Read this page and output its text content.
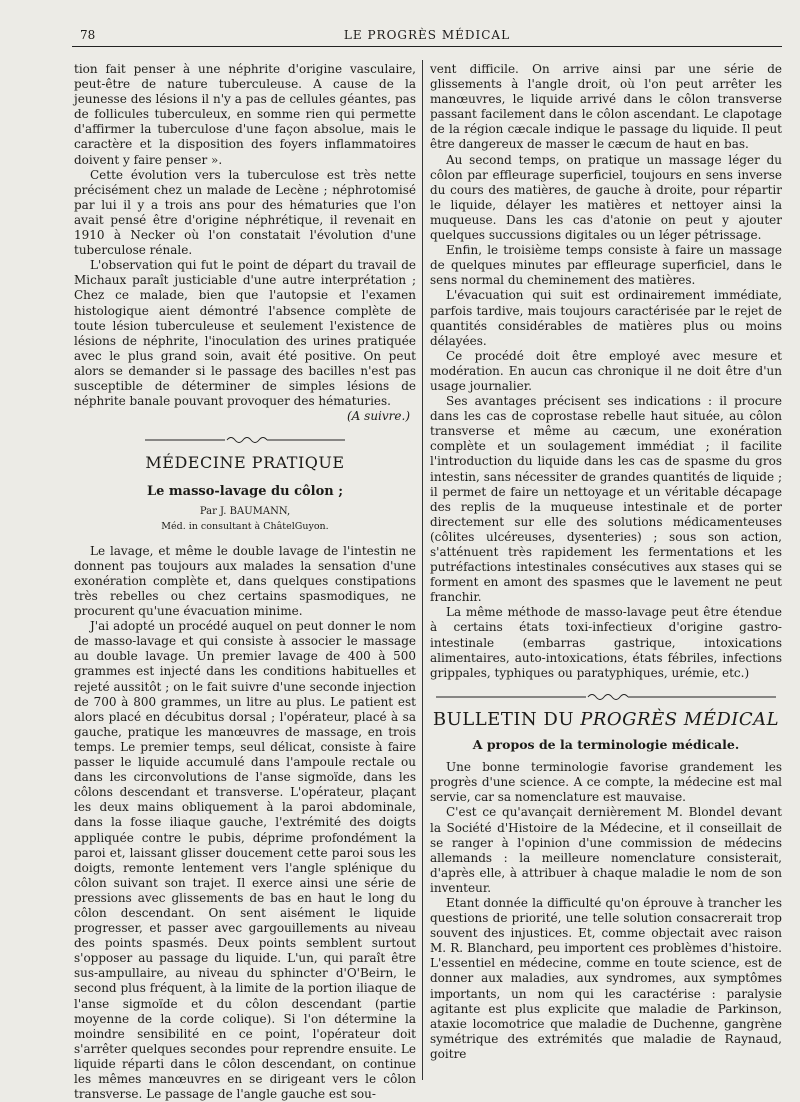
78	LE PROGRÈS MÉDICAL

tion fait penser à une néphrite d'origine vasculaire, peut-être de nature tuberculeuse. A cause de la jeunesse des lésions il n'y a pas de cellules géantes, pas de follicules tuberculeux, en somme rien qui permette d'affirmer la tuberculose d'une façon absolue, mais le caractère et la disposition des foyers inflammatoires doivent y faire penser ».

Cette évolution vers la tuberculose est très nette précisément chez un malade de Lecène ; néphrotomisé par lui il y a trois ans pour des hématuries que l'on avait pensé être d'origine néphrétique, il revenait en 1910 à Necker où l'on constatait l'évolution d'une tuberculose rénale.

L'observation qui fut le point de départ du travail de Michaux paraît justiciable d'une autre interprétation ; Chez ce malade, bien que l'autopsie et l'examen histologique aient démontré l'absence complète de toute lésion tuberculeuse et seulement l'existence de lésions de néphrite, l'inoculation des urines pratiquée avec le plus grand soin, avait été positive. On peut alors se demander si le passage des bacilles n'est pas susceptible de déterminer de simples lésions de néphrite banale pouvant provoquer des hématuries.

(A suivre.)

MÉDECINE PRATIQUE
Le masso-lavage du côlon ;

Par J. BAUMANN,

Méd. in consultant à ChâtelGuyon.

Le lavage, et même le double lavage de l'intestin ne donnent pas toujours aux malades la sensation d'une exonération complète et, dans quelques constipations très rebelles ou chez certains spasmodiques, ne procurent qu'une évacuation minime.

J'ai adopté un procédé auquel on peut donner le nom de masso-lavage et qui consiste à associer le massage au double lavage. Un premier lavage de 400 à 500 grammes est injecté dans les conditions habituelles et rejeté aussitôt ; on le fait suivre d'une seconde injection de 700 à 800 grammes, un litre au plus. Le patient est alors placé en décubitus dorsal ; l'opérateur, placé à sa gauche, pratique les manœuvres de massage, en trois temps. Le premier temps, seul délicat, consiste à faire passer le liquide accumulé dans l'ampoule rectale ou dans les circonvolutions de l'anse sigmoïde, dans les côlons descendant et transverse. L'opérateur, plaçant les deux mains obliquement à la paroi abdominale, dans la fosse iliaque gauche, l'extrémité des doigts appliquée contre le pubis, déprime profondément la paroi et, laissant glisser doucement cette paroi sous les doigts, remonte lentement vers l'angle splénique du côlon suivant son trajet. Il exerce ainsi une série de pressions avec glissements de bas en haut le long du côlon descendant. On sent aisément le liquide progresser, et passer avec gargouillements au niveau des points spasmés. Deux points semblent surtout s'opposer au passage du liquide. L'un, qui paraît être sus-ampullaire, au niveau du sphincter d'O'Beirn, le second plus fréquent, à la limite de la portion iliaque de l'anse sigmoïde et du côlon descendant (partie moyenne de la corde colique). Si l'on détermine la moindre sensibilité en ce point, l'opérateur doit s'arrêter quelques secondes pour reprendre ensuite. Le liquide réparti dans le côlon descendant, on continue les mêmes manœuvres en se dirigeant vers le côlon transverse. Le passage de l'angle gauche est sou-

vent difficile. On arrive ainsi par une série de glissements à l'angle droit, où l'on peut arrêter les manœuvres, le liquide arrivé dans le côlon transverse passant facilement dans le côlon ascendant. Le clapotage de la région cæcale indique le passage du liquide. Il peut être dangereux de masser le cæcum de haut en bas.

Au second temps, on pratique un massage léger du côlon par effleurage superficiel, toujours en sens inverse du cours des matières, de gauche à droite, pour répartir le liquide, délayer les matières et nettoyer ainsi la muqueuse. Dans les cas d'atonie on peut y ajouter quelques succussions digitales ou un léger pétrissage.

Enfin, le troisième temps consiste à faire un massage de quelques minutes par effleurage superficiel, dans le sens normal du cheminement des matières.

L'évacuation qui suit est ordinairement immédiate, parfois tardive, mais toujours caractérisée par le rejet de quantités considérables de matières plus ou moins délayées.

Ce procédé doit être employé avec mesure et modération. En aucun cas chronique il ne doit être d'un usage journalier.

Ses avantages précisent ses indications : il procure dans les cas de coprostase rebelle haut située, au côlon transverse et même au cæcum, une exonération complète et un soulagement immédiat ; il facilite l'introduction du liquide dans les cas de spasme du gros intestin, sans nécessiter de grandes quantités de liquide ; il permet de faire un nettoyage et un véritable décapage des replis de la muqueuse intestinale et de porter directement sur elle des solutions médicamenteuses (côlites ulcéreuses, dysenteries) ; sous son action, s'atténuent très rapidement les fermentations et les putréfactions intestinales consécutives aux stases qui se forment en amont des spasmes que le lavement ne peut franchir.

La même méthode de masso-lavage peut être étendue à certains états toxi-infectieux d'origine gastro-intestinale (embarras gastrique, intoxications alimentaires, auto-intoxications, états fébriles, infections grippales, typhiques ou paratyphiques, urémie, etc.)

BULLETIN DU PROGRÈS MÉDICAL
A propos de la terminologie médicale.

Une bonne terminologie favorise grandement les progrès d'une science. A ce compte, la médecine est mal servie, car sa nomenclature est mauvaise.

C'est ce qu'avançait dernièrement M. Blondel devant la Société d'Histoire de la Médecine, et il conseillait de se ranger à l'opinion d'une commission de médecins allemands : la meilleure nomenclature consisterait, d'après elle, à attribuer à chaque maladie le nom de son inventeur.

Etant donnée la difficulté qu'on éprouve à trancher les questions de priorité, une telle solution consacrerait trop souvent des injustices. Et, comme objectait avec raison M. R. Blanchard, peu importent ces problèmes d'histoire. L'essentiel en médecine, comme en toute science, est de donner aux maladies, aux syndromes, aux symptômes importants, un nom qui les caractérise : paralysie agitante est plus explicite que maladie de Parkinson, ataxie locomotrice que maladie de Duchenne, gangrène symétrique des extrémités que maladie de Raynaud, goitre
